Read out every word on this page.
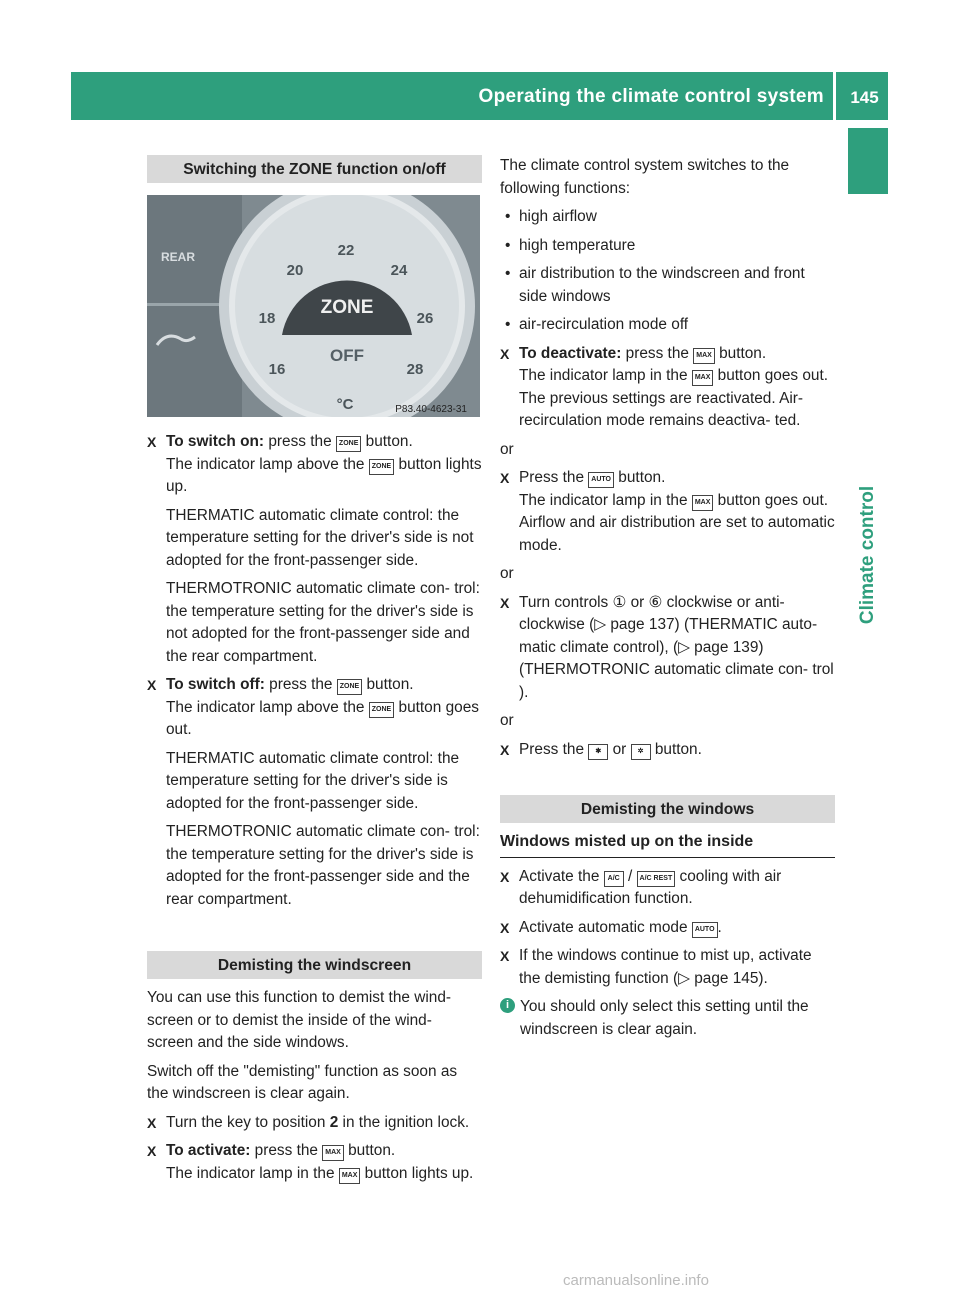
Operating the climate control system	145
Climate control
Switching the ZONE function on/off
ZONE
OFF
22
20	24
18	26
16	28
°C
REAR
P83.40-4623-31
X To switch on: press the ZONE button.
The indicator lamp above the ZONE button lights up.

THERMATIC automatic climate control: the temperature setting for the driver's side is not adopted for the front-passenger side.

THERMOTRONIC automatic climate con- trol: the temperature setting for the driver's side is not adopted for the front-passenger side and the rear compartment.

X To switch off: press the ZONE button.
The indicator lamp above the ZONE button goes out.

THERMATIC automatic climate control: the temperature setting for the driver's side is adopted for the front-passenger side.

THERMOTRONIC automatic climate con- trol: the temperature setting for the driver's side is adopted for the front-passenger side and the rear compartment.

Demisting the windscreen

You can use this function to demist the wind- screen or to demist the inside of the wind- screen and the side windows.

Switch off the "demisting" function as soon as the windscreen is clear again.

X Turn the key to position 2 in the ignition lock.
X To activate: press the MAX button.
The indicator lamp in the MAX button lights up.

The climate control system switches to the following functions:

• high airflow
• high temperature
• air distribution to the windscreen and front side windows
• air-recirculation mode off
X To deactivate: press the MAX button.
The indicator lamp in the MAX button goes out. The previous settings are reactivated. Air-recirculation mode remains deactiva- ted.

or

X Press the AUTO button.
The indicator lamp in the MAX button goes out. Airflow and air distribution are set to automatic mode.

or

X Turn controls ① or ⑥ clockwise or anti- clockwise (▷ page 137) (THERMATIC auto- matic climate control), (▷ page 139) (THERMOTRONIC automatic climate con- trol ).

or

X Press the ✱ or ✲ button.
Demisting the windows
Windows misted up on the inside
X Activate the A/C / A/C REST cooling with air dehumidification function.
X Activate automatic mode AUTO .
X If the windows continue to mist up, activate the demisting function (▷ page 145).
i You should only select this setting until the windscreen is clear again.
carmanualsonline.info
